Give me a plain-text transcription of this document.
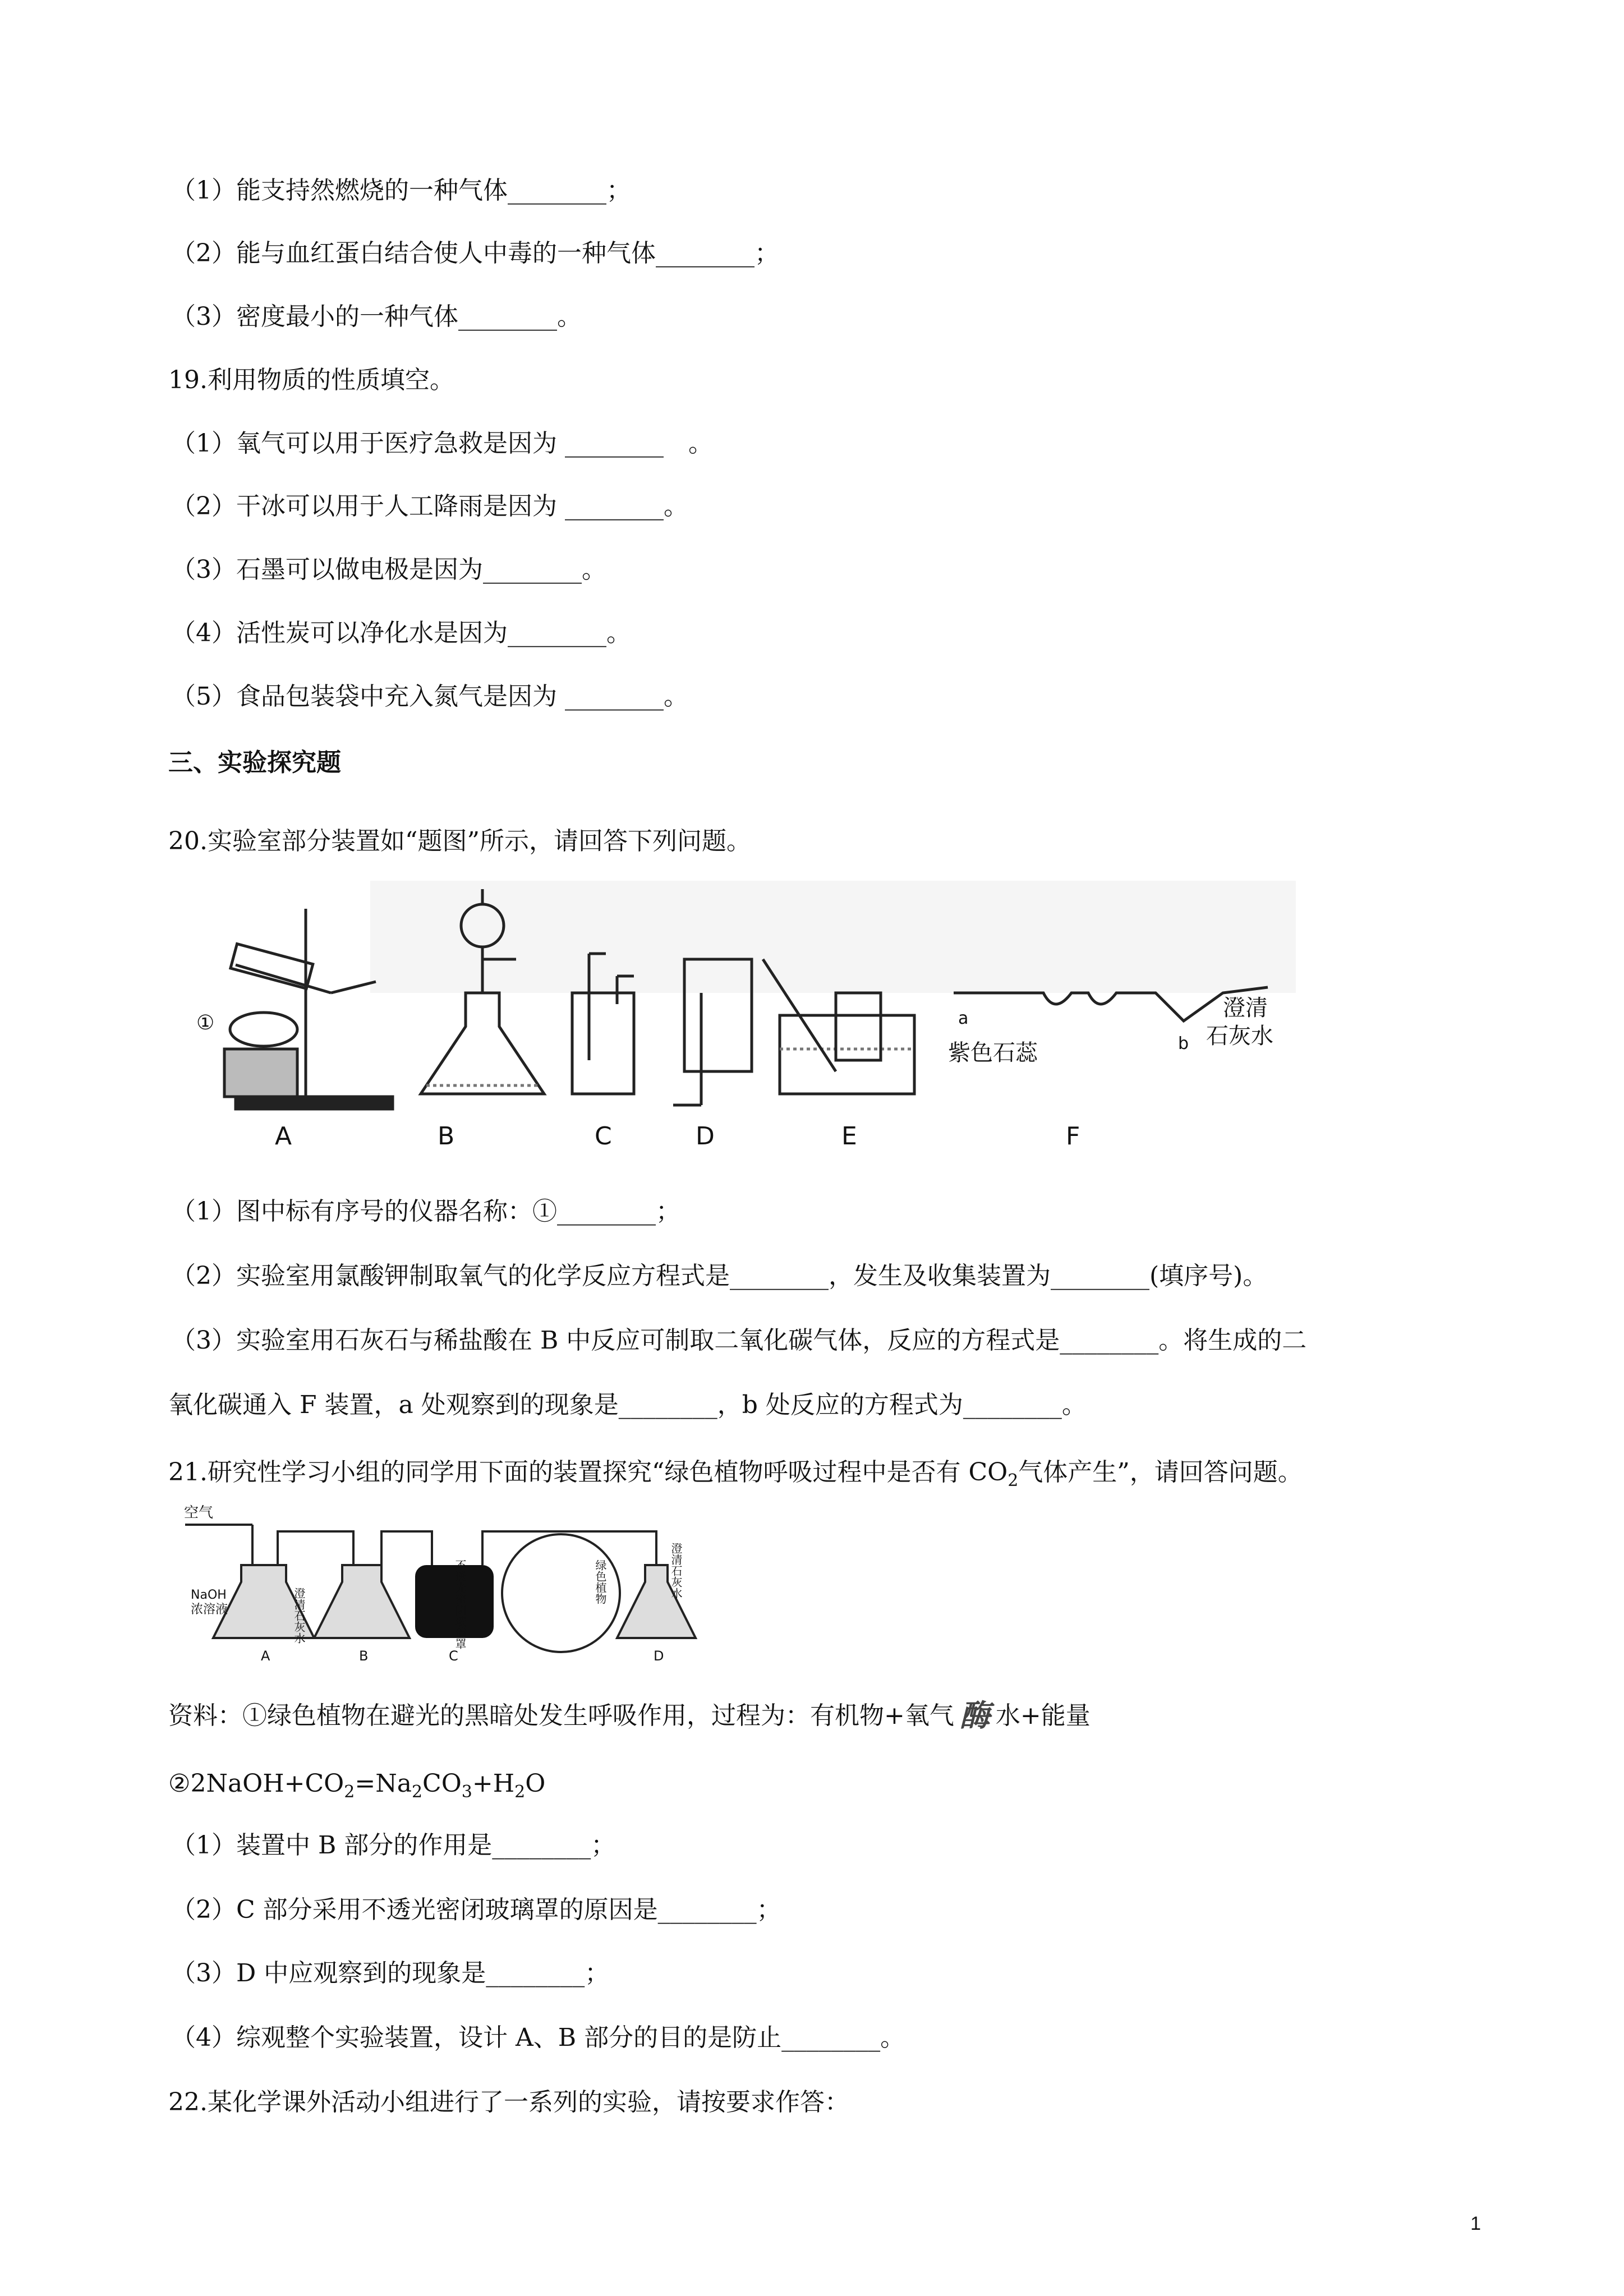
（1）能支持然燃烧的一种气体________；
（2）能与血红蛋白结合使人中毒的一种气体________；
（3）密度最小的一种气体________。
19.利用物质的性质填空。
（1）氧气可以用于医疗急救是因为 ________　。
（2）干冰可以用于人工降雨是因为 ________。
（3）石墨可以做电极是因为________。
（4）活性炭可以净化水是因为________。
（5）食品包装袋中充入氮气是因为 ________。
三、实验探究题
20.实验室部分装置如“题图”所示，请回答下列问题。
①	a
b
紫色石蕊
澄清
石灰水
A	B	C	D	E	F
（1）图中标有序号的仪器名称：①________；
（2）实验室用氯酸钾制取氧气的化学反应方程式是________，发生及收集装置为________(填序号)。
（3）实验室用石灰石与稀盐酸在 B 中反应可制取二氧化碳气体，反应的方程式是________。将生成的二
氧化碳通入 F 装置，a 处观察到的现象是________，b 处反应的方程式为________。
21.研究性学习小组的同学用下面的装置探究“绿色植物呼吸过程中是否有 $CO_2$气体产生”，请回答问题。
空气
NaOH
浓溶液	澄清石灰水	不透光密闭玻璃罩	绿色植物	澄清石灰水
A	B	C	D
资料：①绿色植物在避光的黑暗处发生呼吸作用，过程为：有机物+氧气 酶 水+能量
$②2NaOH+CO_2=Na_2CO_3+H_2O$
（1）装置中 B 部分的作用是________；
（2）C 部分采用不透光密闭玻璃罩的原因是________；
（3）D 中应观察到的现象是________；
（4）综观整个实验装置，设计 A、B 部分的目的是防止________。
22.某化学课外活动小组进行了一系列的实验，请按要求作答：
1
